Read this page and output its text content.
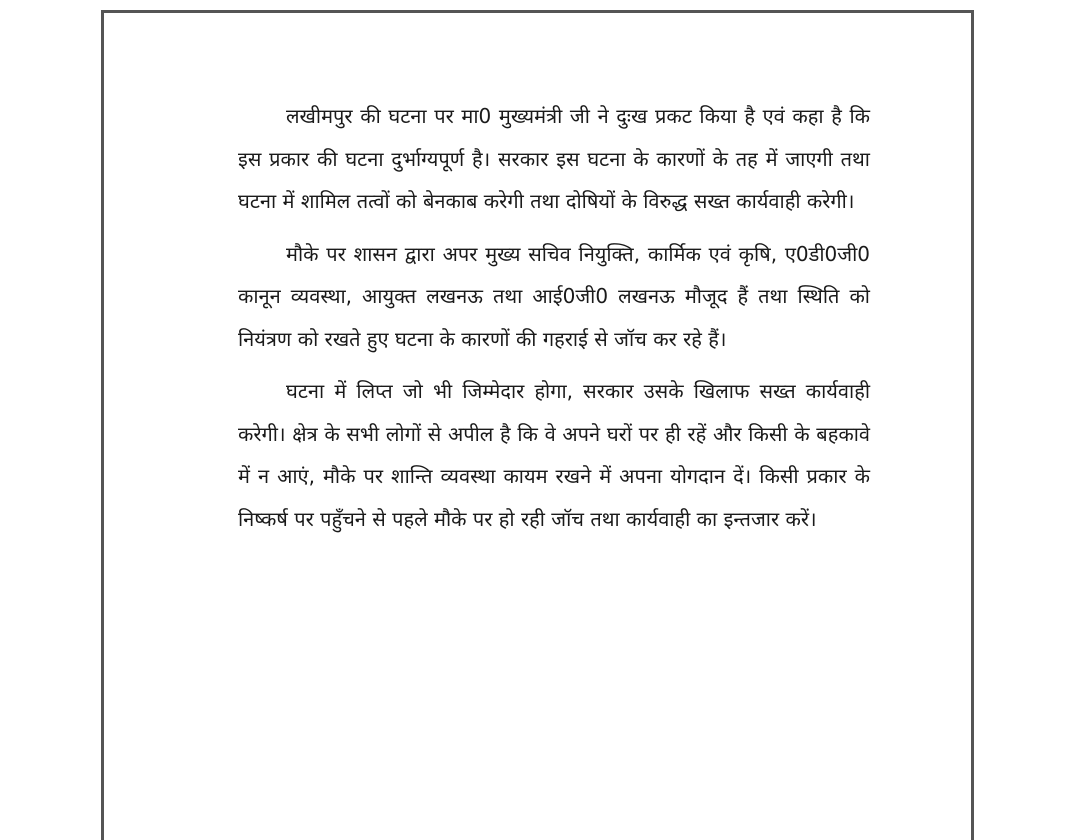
लखीमपुर की घटना पर मा0 मुख्यमंत्री जी ने दुःख प्रकट किया है एवं कहा है कि इस प्रकार की घटना दुर्भाग्यपूर्ण है। सरकार इस घटना के कारणों के तह में जाएगी तथा घटना में शामिल तत्वों को बेनकाब करेगी तथा दोषियों के विरुद्ध सख्त कार्यवाही करेगी।

मौके पर शासन द्वारा अपर मुख्य सचिव नियुक्ति, कार्मिक एवं कृषि, ए0डी0जी0 कानून व्यवस्था, आयुक्त लखनऊ तथा आई0जी0 लखनऊ मौजूद हैं तथा स्थिति को नियंत्रण को रखते हुए घटना के कारणों की गहराई से जॉच कर रहे हैं।

घटना में लिप्त जो भी जिम्मेदार होगा, सरकार उसके खिलाफ सख्त कार्यवाही करेगी। क्षेत्र के सभी लोगों से अपील है कि वे अपने घरों पर ही रहें और किसी के बहकावे में न आएं, मौके पर शान्ति व्यवस्था कायम रखने में अपना योगदान दें। किसी प्रकार के निष्कर्ष पर पहुँचने से पहले मौके पर हो रही जॉच तथा कार्यवाही का इन्तजार करें।
